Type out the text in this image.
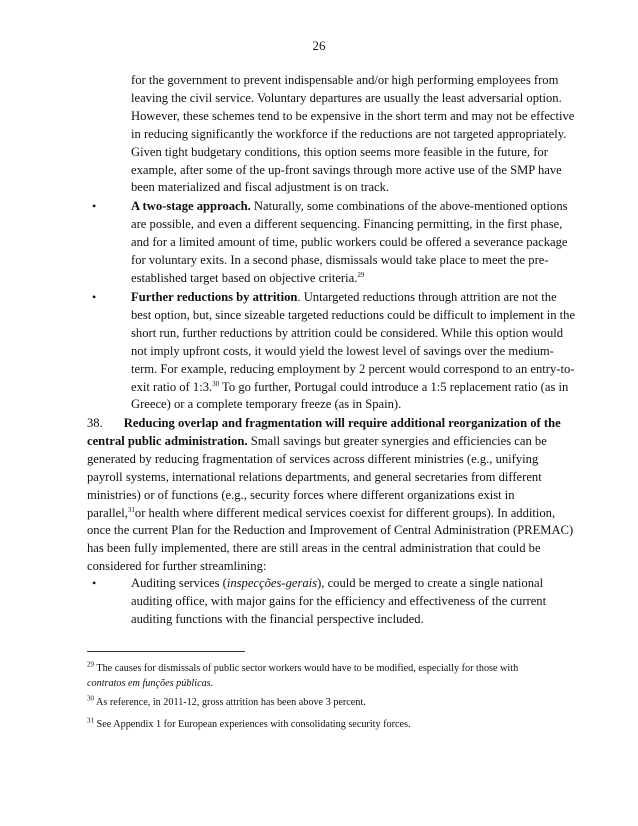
26
for the government to prevent indispensable and/or high performing employees from leaving the civil service. Voluntary departures are usually the least adversarial option. However, these schemes tend to be expensive in the short term and may not be effective in reducing significantly the workforce if the reductions are not targeted appropriately. Given tight budgetary conditions, this option seems more feasible in the future, for example, after some of the up-front savings through more active use of the SMP have been materialized and fiscal adjustment is on track.
•	A two-stage approach. Naturally, some combinations of the above-mentioned options are possible, and even a different sequencing. Financing permitting, in the first phase, and for a limited amount of time, public workers could be offered a severance package for voluntary exits. In a second phase, dismissals would take place to meet the pre-established target based on objective criteria.$^{29}$
•	Further reductions by attrition. Untargeted reductions through attrition are not the best option, but, since sizeable targeted reductions could be difficult to implement in the short run, further reductions by attrition could be considered. While this option would not imply upfront costs, it would yield the lowest level of savings over the medium-term. For example, reducing employment by 2 percent would correspond to an entry-to-exit ratio of 1:3.30 To go further, Portugal could introduce a 1:5 replacement ratio (as in Greece) or a complete temporary freeze (as in Spain).
38. Reducing overlap and fragmentation will require additional reorganization of the central public administration. Small savings but greater synergies and efficiencies can be generated by reducing fragmentation of services across different ministries (e.g., unifying payroll systems, international relations departments, and general secretaries from different ministries) or of functions (e.g., security forces where different organizations exist in parallel,$^{31}$or health where different medical services coexist for different groups). In addition, once the current Plan for the Reduction and Improvement of Central Administration (PREMAC) has been fully implemented, there are still areas in the central administration that could be considered for further streamlining:
•	Auditing services (inspecções-gerais), could be merged to create a single national auditing office, with major gains for the efficiency and effectiveness of the current auditing functions with the financial perspective included.
$^{29}$ The causes for dismissals of public sector workers would have to be modified, especially for those with contratos em funções públicas.
$^{30}$ As reference, in 2011-12, gross attrition has been above 3 percent.
$^{31}$ See Appendix 1 for European experiences with consolidating security forces.
